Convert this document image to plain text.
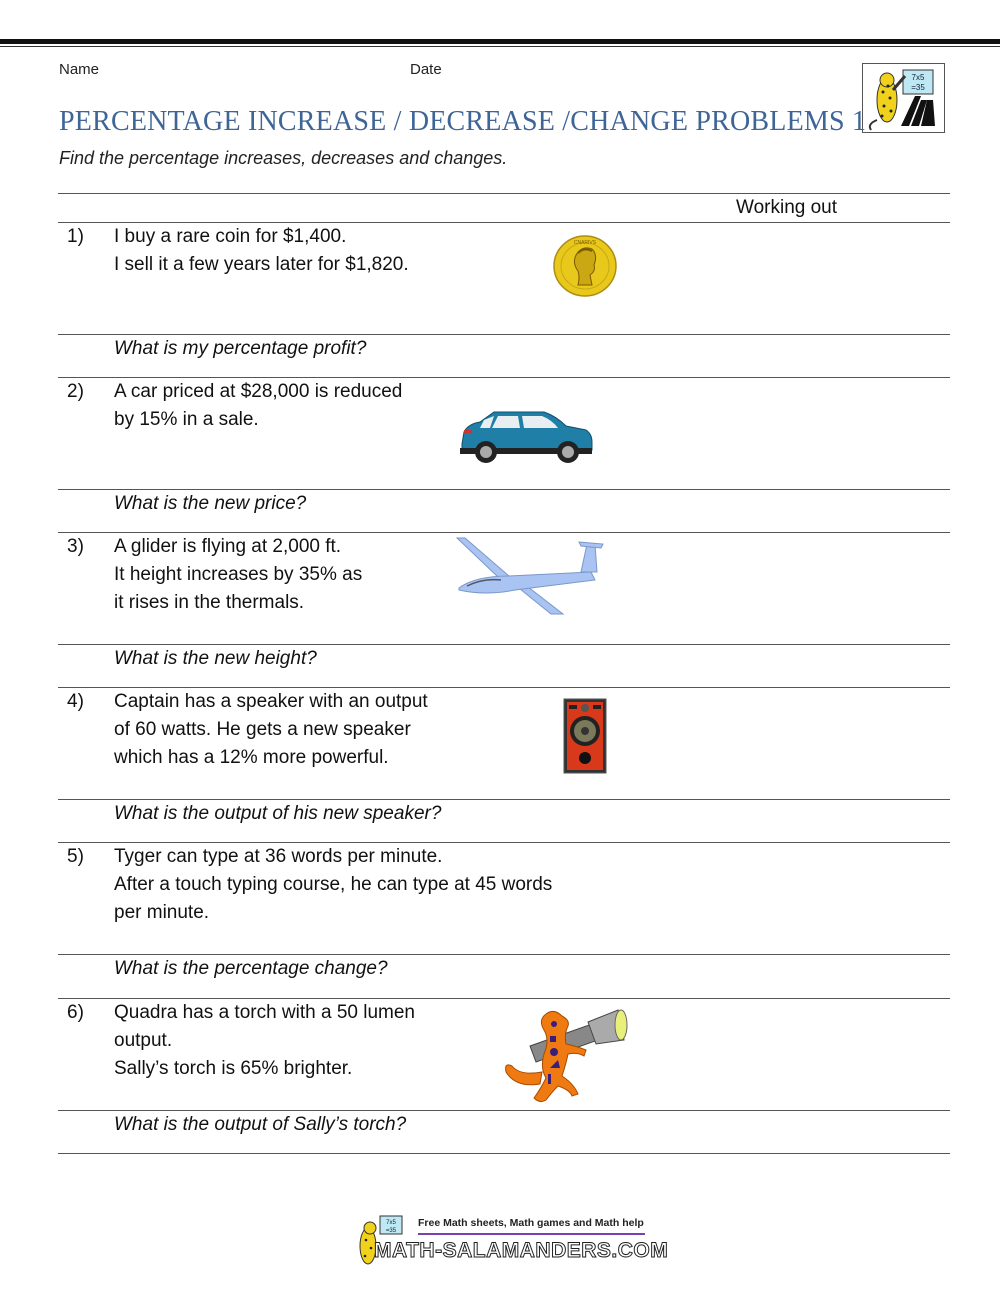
Name	Date	7x5
=35
PERCENTAGE INCREASE / DECREASE /CHANGE PROBLEMS 1
Find the percentage increases, decreases and changes.
Working out
1) I buy a rare coin for $1,400.
I sell it a few years later for $1,820.
CNARIVS
What is my percentage profit?
2) A car priced at $28,000 is reduced
by 15% in a sale.
What is the new price?
3) A glider is flying at 2,000 ft.
It height increases by 35% as
it rises in the thermals.
What is the new height?
4) Captain has a speaker with an output
of 60 watts. He gets a new speaker
which has a 12% more powerful.
What is the output of his new speaker?
5) Tyger can type at 36 words per minute.
After a touch typing course, he can type at 45 words
per minute.
What is the percentage change?
6) Quadra has a torch with a 50 lumen
output.
Sally’s torch is 65% brighter.
What is the output of Sally’s torch?
7x5
=35
Free Math sheets, Math games and Math help
MATH-SALAMANDERS.COM
